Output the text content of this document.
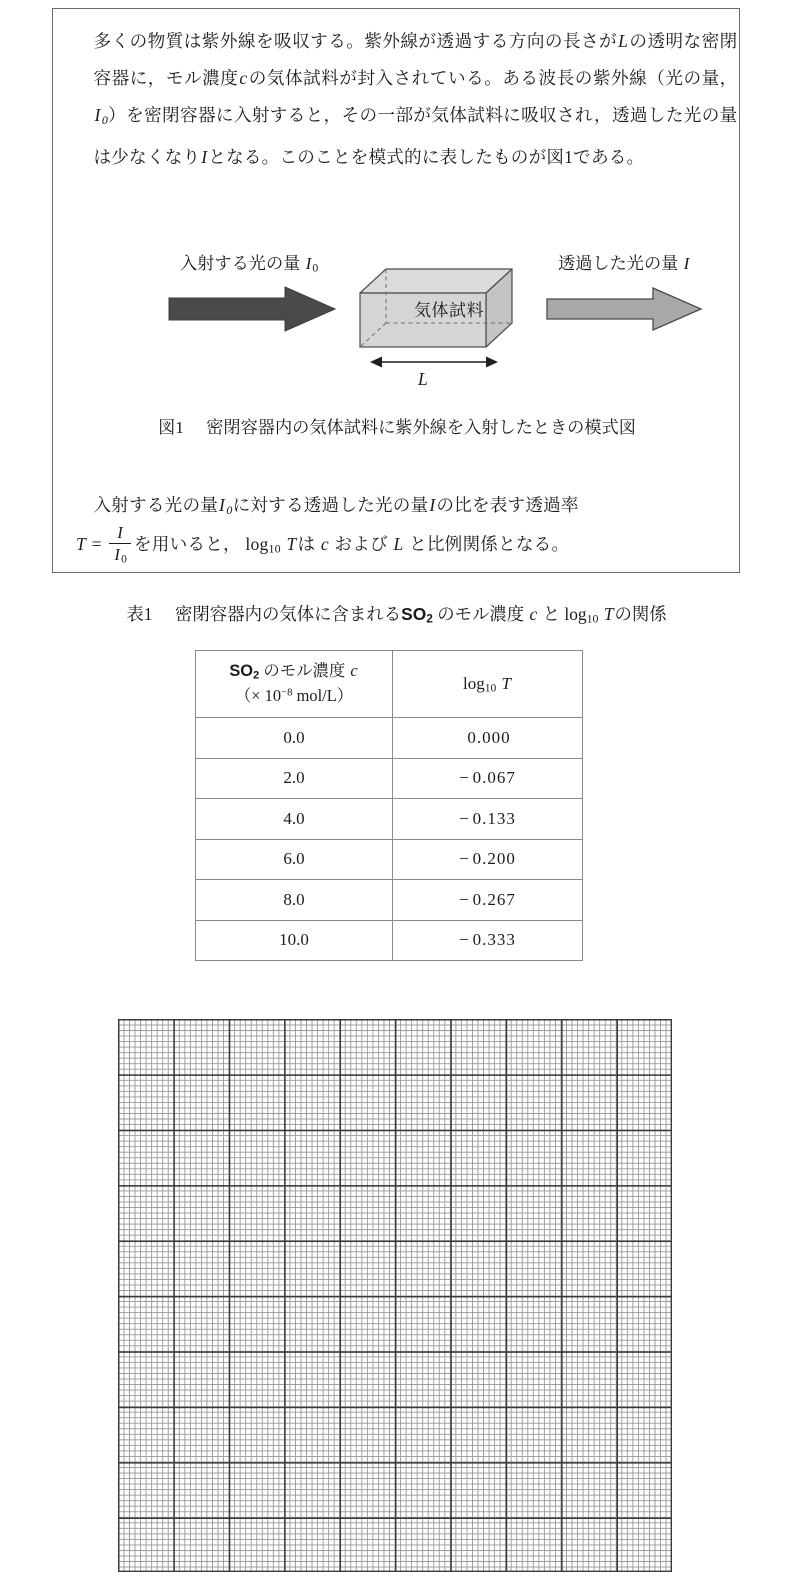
多くの物質は紫外線を吸収する。紫外線が透過する方向の長さがLの透明な密閉容器に，モル濃度cの気体試料が封入されている。ある波長の紫外線（光の量，$I_0$）を密閉容器に入射すると，その一部が気体試料に吸収され，透過した光の量は少なくなりIとなる。このことを模式的に表したものが図1である。
入射する光の量 I0	透過した光の量 I
気体試料
L
図1 密閉容器内の気体試料に紫外線を入射したときの模式図
入射する光の量$I_0$に対する透過した光の量Iの比を表す透過率
$T = \frac{I}{I0}$ を用いると， log10 Tは c および L と比例関係となる。
表1 密閉容器内の気体に含まれるSO2 のモル濃度 c と log10 Tの関係
SO2 のモル濃度 c
（× $10^{-8}$ mol/L）	log10 T
0.0	0.000
2.0	− 0.067
4.0	− 0.133
6.0	− 0.200
8.0	− 0.267
10.0	− 0.333
